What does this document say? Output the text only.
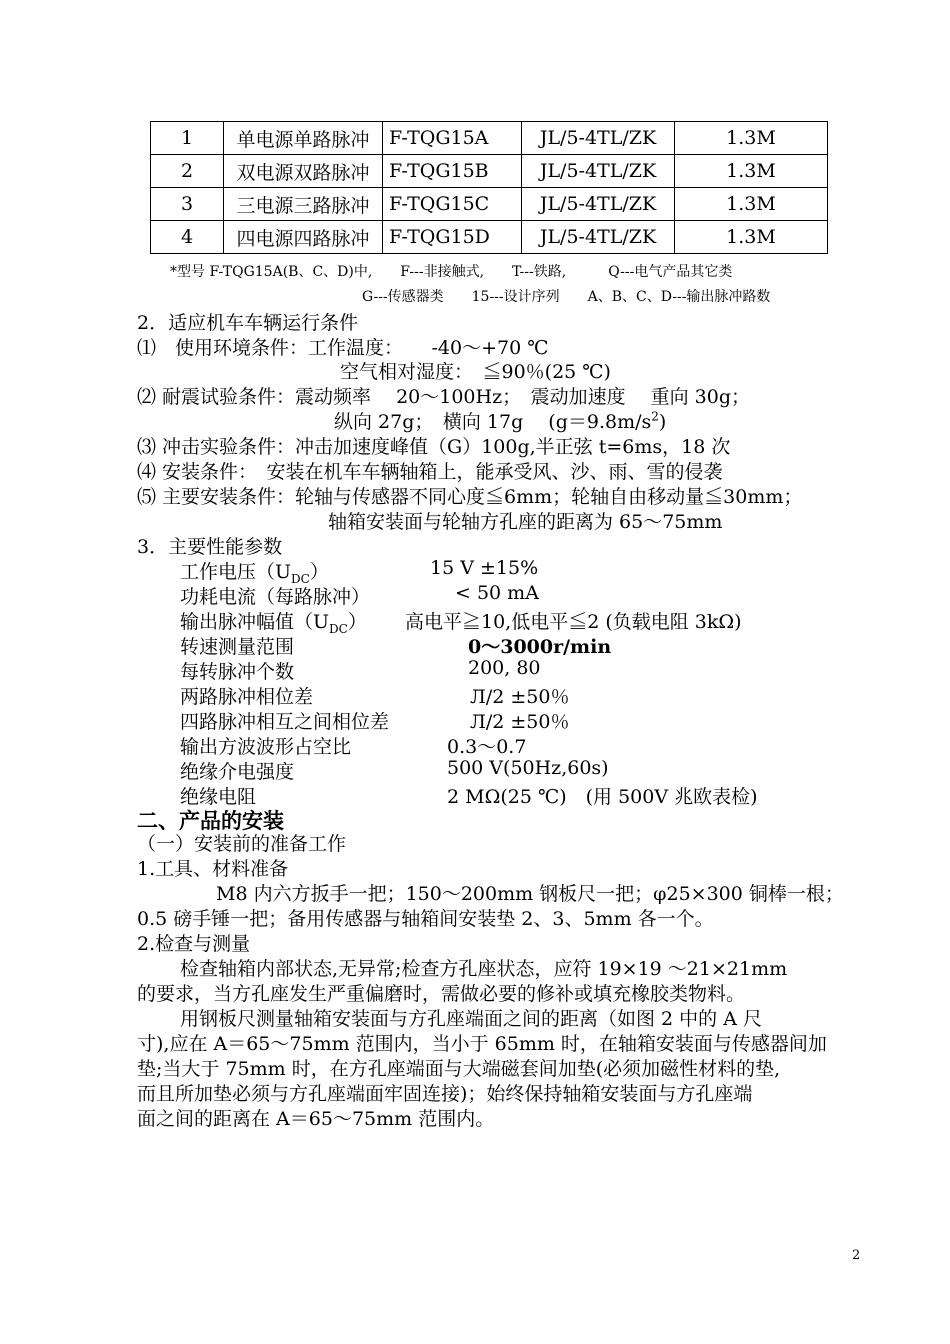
1	单电源单路脉冲	F-TQG15A	JL/5-4TL/ZK	1.3M
2	双电源双路脉冲	F-TQG15B	JL/5-4TL/ZK	1.3M
3	三电源三路脉冲	F-TQG15C	JL/5-4TL/ZK	1.3M
4	四电源四路脉冲	F-TQG15D	JL/5-4TL/ZK	1.3M
*型号 F-TQG15A(B、C、D)中,　　F---非接触式,　　T---铁路,　　　Q---电气产品其它类
G---传感器类　　15---设计序列　　A、B、C、D---输出脉冲路数
2．适应机车车辆运行条件
⑴　使用环境条件：工作温度：　　-40～+70 ℃
空气相对湿度：　≦90％(25 ℃)
⑵ 耐震试验条件：震动频率　 20～100Hz；　震动加速度　 重向 30g；
纵向 27g；　横向 17g　 $(g=9.8m/s^2)$
⑶ 冲击实验条件：冲击加速度峰值（G）100g,半正弦 t=6ms，18 次
⑷ 安装条件：　安装在机车车辆轴箱上，能承受风、沙、雨、雪的侵袭
⑸ 主要安装条件：轮轴与传感器不同心度≦6mm；轮轴自由移动量≦30mm；
轴箱安装面与轮轴方孔座的距离为 65～75mm
3．主要性能参数
工作电压$(U_{DC})$	15 V ±15%
功耗电流（每路脉冲）	< 50 mA
输出脉冲幅值$(U_{DC})$ 高电平≧10,低电平≦2 (负载电阻 3kΩ)
转速测量范围	0～3000r/min
每转脉冲个数	200, 80
两路脉冲相位差	Л/2 ±50％
四路脉冲相互之间相位差	Л/2 ±50％
输出方波波形占空比	0.3～0.7
绝缘介电强度	500 V(50Hz,60s)
绝缘电阻	2 MΩ(25 ℃)　(用 500V 兆欧表检)
二、产品的安装
（一）安装前的准备工作
1.工具、材料准备
M8 内六方扳手一把；150～200mm 钢板尺一把；φ25×300 铜棒一根；
0.5 磅手锤一把；备用传感器与轴箱间安装垫 2、3、5mm 各一个。
2.检查与测量
检查轴箱内部状态,无异常;检查方孔座状态，应符 19×19 ～21×21mm
的要求，当方孔座发生严重偏磨时，需做必要的修补或填充橡胶类物料。
用钢板尺测量轴箱安装面与方孔座端面之间的距离（如图 2 中的 A 尺
寸),应在 A＝65～75mm 范围内，当小于 65mm 时，在轴箱安装面与传感器间加
垫;当大于 75mm 时，在方孔座端面与大端磁套间加垫(必须加磁性材料的垫,
而且所加垫必须与方孔座端面牢固连接)；始终保持轴箱安装面与方孔座端
面之间的距离在 A＝65～75mm 范围内。
2
